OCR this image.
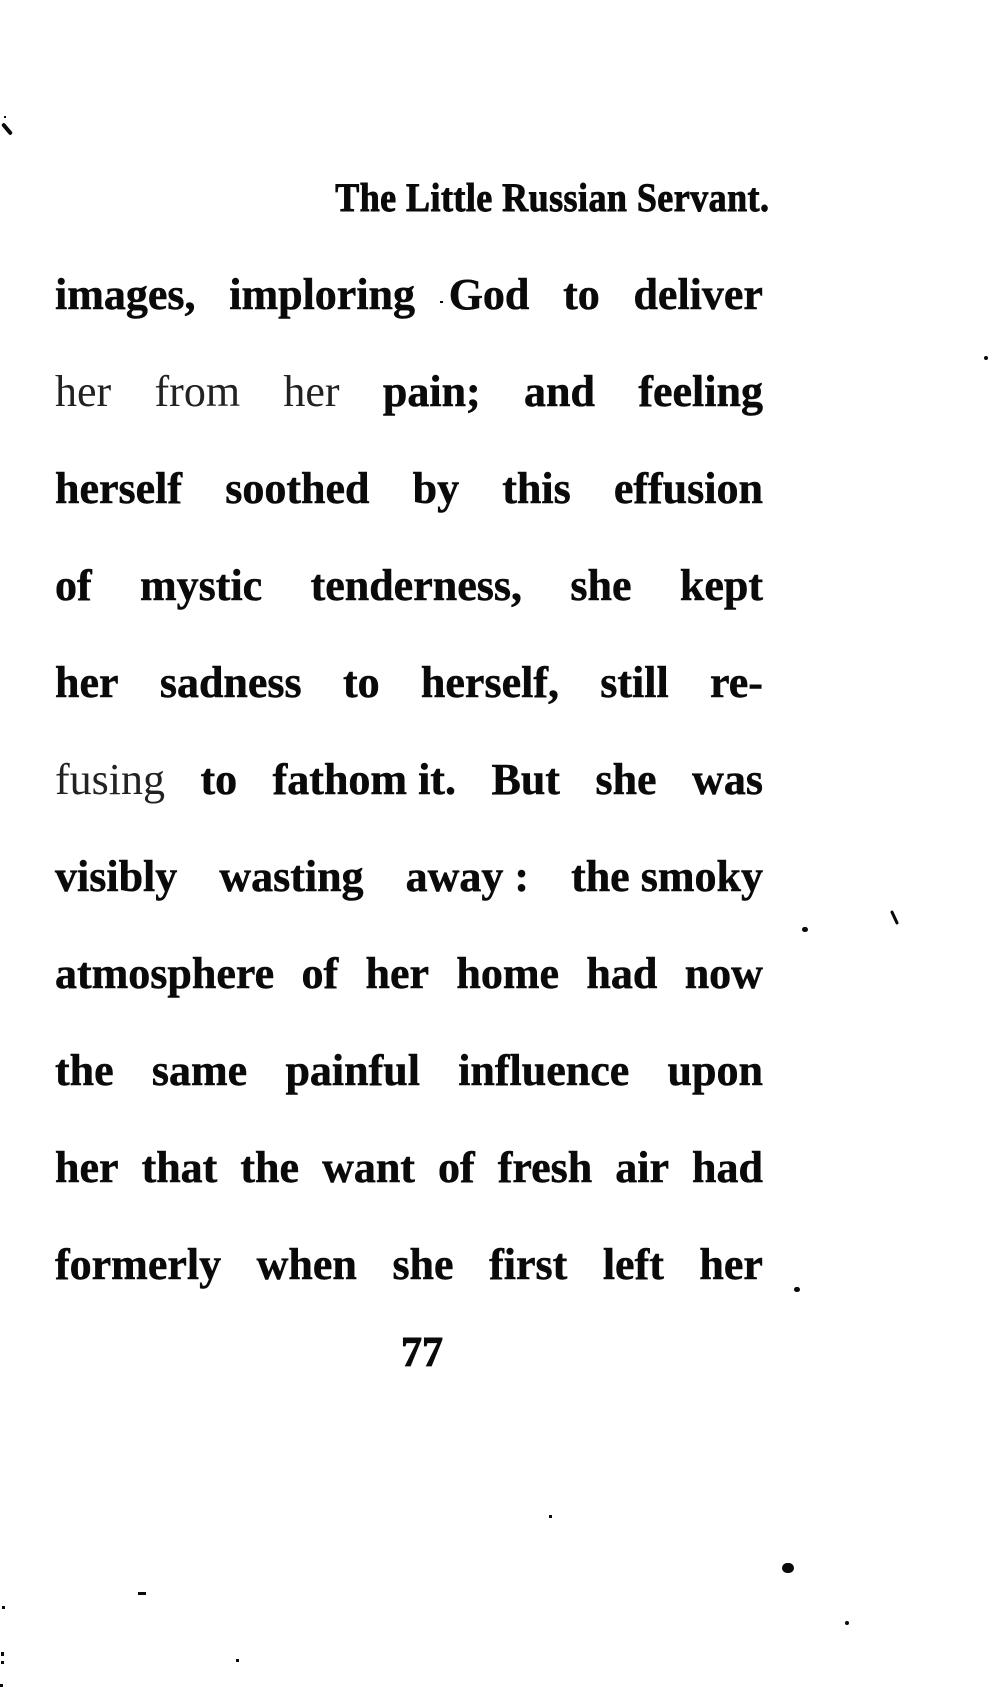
The Little Russian Servant.
images, imploring God to deliver
her from her pain; and feeling
herself soothed by this effusion
of mystic tenderness, she kept
her sadness to herself, still re-
fusing to fathom it. But she was
visibly wasting away : the smoky
atmosphere of her home had now
the same painful influence upon
her that the want of fresh air had
formerly when she first left her
77
